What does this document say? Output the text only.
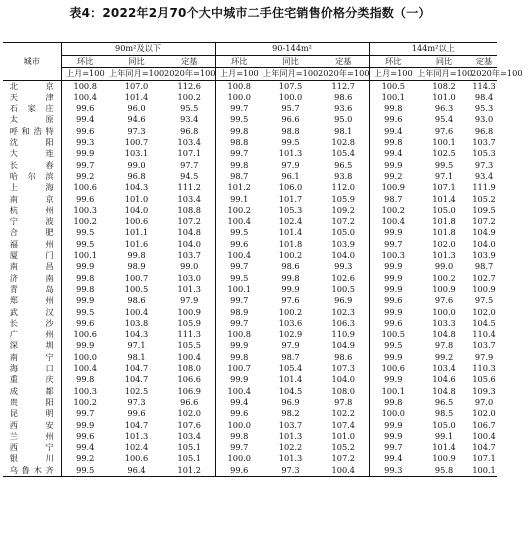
表4：2022年2月70个大中城市二手住宅销售价格分类指数（一）
城市	90m²及以下			90-144m²			144m²以上		
	环比	同比	定基	环比	同比	定基	环比	同比	定基
	上月=100	上年同月=100	2020年=100	上月=100	上年同月=100	2020年=100	上月=100	上年同月=100	2020年=100
北京	100.8	107.0	112.6	100.8	107.5	112.7	100.5	108.2	114.3
天津	100.4	101.4	100.2	100.0	100.0	98.6	100.1	101.0	98.4
石家庄	99.6	96.0	95.5	99.7	95.7	93.6	99.8	96.3	95.3
太原	99.4	94.6	93.4	99.5	96.6	95.0	99.6	95.4	93.0
呼和浩特	99.6	97.3	96.8	99.8	98.8	98.1	99.4	97.6	96.8
沈阳	99.3	100.7	103.4	98.8	99.5	102.8	99.8	100.1	103.7
大连	99.9	103.1	107.1	99.7	101.3	105.4	99.4	102.5	105.3
长春	99.7	99.0	97.7	99.8	97.9	96.5	99.9	99.5	97.3
哈尔滨	99.2	96.8	94.5	98.7	96.1	93.8	99.2	97.1	93.4
上海	100.6	104.3	111.2	101.2	106.0	112.0	100.9	107.1	111.9
南京	99.6	101.0	103.4	99.1	101.7	105.9	98.7	101.4	105.2
杭州	100.3	104.0	108.8	100.2	105.3	109.2	100.2	105.0	109.5
宁波	100.2	100.6	107.2	100.4	102.4	107.2	100.4	101.8	107.2
合肥	99.5	101.1	104.8	99.5	101.4	105.0	99.9	101.8	104.9
福州	99.5	101.6	104.0	99.6	101.8	103.9	99.7	102.0	104.0
厦门	100.1	99.8	103.7	100.4	100.2	104.0	100.3	101.3	103.9
南昌	99.9	98.9	99.0	99.7	98.6	99.3	99.9	99.0	98.7
济南	99.8	100.7	103.0	99.5	99.8	102.6	99.9	100.2	102.7
青岛	99.8	100.5	101.3	100.1	99.9	100.5	99.9	100.9	100.9
郑州	99.9	98.6	97.9	99.7	97.6	96.9	99.6	97.6	97.5
武汉	99.5	100.4	100.9	98.9	100.2	102.3	99.9	100.0	102.0
长沙	99.6	103.8	105.9	99.7	103.6	106.3	99.6	103.3	104.5
广州	100.6	104.3	111.3	100.8	102.9	110.9	100.5	104.8	110.4
深圳	99.9	97.1	105.5	99.9	97.9	104.9	99.5	97.8	103.7
南宁	100.0	98.1	100.4	99.8	98.7	98.6	99.9	99.2	97.9
海口	100.4	104.7	108.0	100.7	105.4	107.3	100.6	103.4	110.3
重庆	99.8	104.7	106.6	99.9	101.4	104.0	99.9	104.6	105.6
成都	100.3	102.5	106.9	100.4	104.5	108.0	100.1	104.8	109.3
贵阳	100.2	97.3	96.6	99.4	96.9	97.8	99.8	96.5	97.0
昆明	99.7	99.6	102.0	99.6	98.2	102.2	100.0	98.5	102.0
西安	99.9	104.7	107.6	100.0	103.7	107.4	99.9	105.0	106.7
兰州	99.6	101.3	103.4	99.8	101.3	101.0	99.9	99.1	100.4
西宁	99.4	102.4	105.1	99.7	102.2	105.2	99.7	101.4	104.7
银川	99.2	100.6	105.1	100.0	101.3	107.2	99.4	100.9	107.1
乌鲁木齐	99.5	96.4	101.2	99.6	97.3	100.4	99.3	95.8	100.1
